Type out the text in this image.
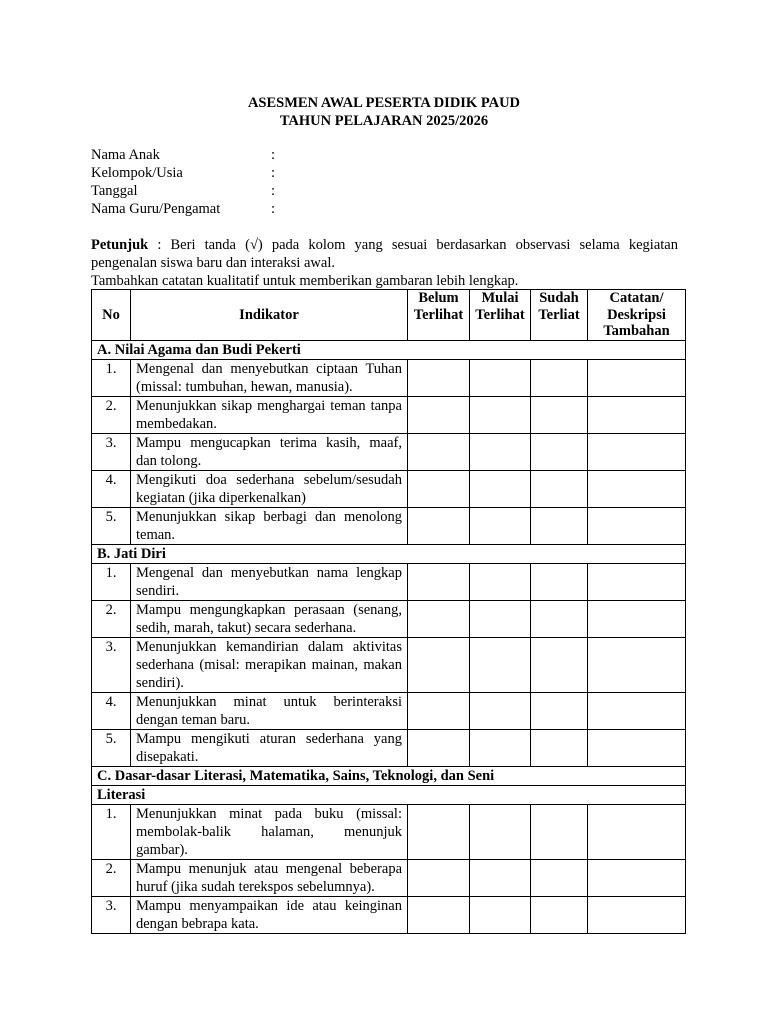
ASESMEN AWAL PESERTA DIDIK PAUD
TAHUN PELAJARAN 2025/2026
Nama Anak	:
Kelompok/Usia	:
Tanggal	:
Nama Guru/Pengamat	:

Petunjuk : Beri tanda (√) pada kolom yang sesuai berdasarkan observasi selama kegiatan pengenalan siswa baru dan interaksi awal.

Tambahkan catatan kualitatif untuk memberikan gambaran lebih lengkap.

No	Indikator	Belum Terlihat	Mulai Terlihat	Sudah Terliat	Catatan/ Deskripsi Tambahan
A. Nilai Agama dan Budi Pekerti					
1.	Mengenal dan menyebutkan ciptaan Tuhan (missal: tumbuhan, hewan, manusia).				
2.	Menunjukkan sikap menghargai teman tanpa membedakan.				
3.	Mampu mengucapkan terima kasih, maaf, dan tolong.				
4.	Mengikuti doa sederhana sebelum/sesudah kegiatan (jika diperkenalkan)				
5.	Menunjukkan sikap berbagi dan menolong teman.				
B. Jati Diri					
1.	Mengenal dan menyebutkan nama lengkap sendiri.				
2.	Mampu mengungkapkan perasaan (senang, sedih, marah, takut) secara sederhana.				
3.	Menunjukkan kemandirian dalam aktivitas sederhana (misal: merapikan mainan, makan sendiri).				
4.	Menunjukkan minat untuk berinteraksi dengan teman baru.				
5.	Mampu mengikuti aturan sederhana yang disepakati.				
C. Dasar-dasar Literasi, Matematika, Sains, Teknologi, dan Seni					
Literasi					
1.	Menunjukkan minat pada buku (missal: membolak-balik halaman, menunjuk gambar).				
2.	Mampu menunjuk atau mengenal beberapa huruf (jika sudah terekspos sebelumnya).				
3.	Mampu menyampaikan ide atau keinginan dengan bebrapa kata.				
